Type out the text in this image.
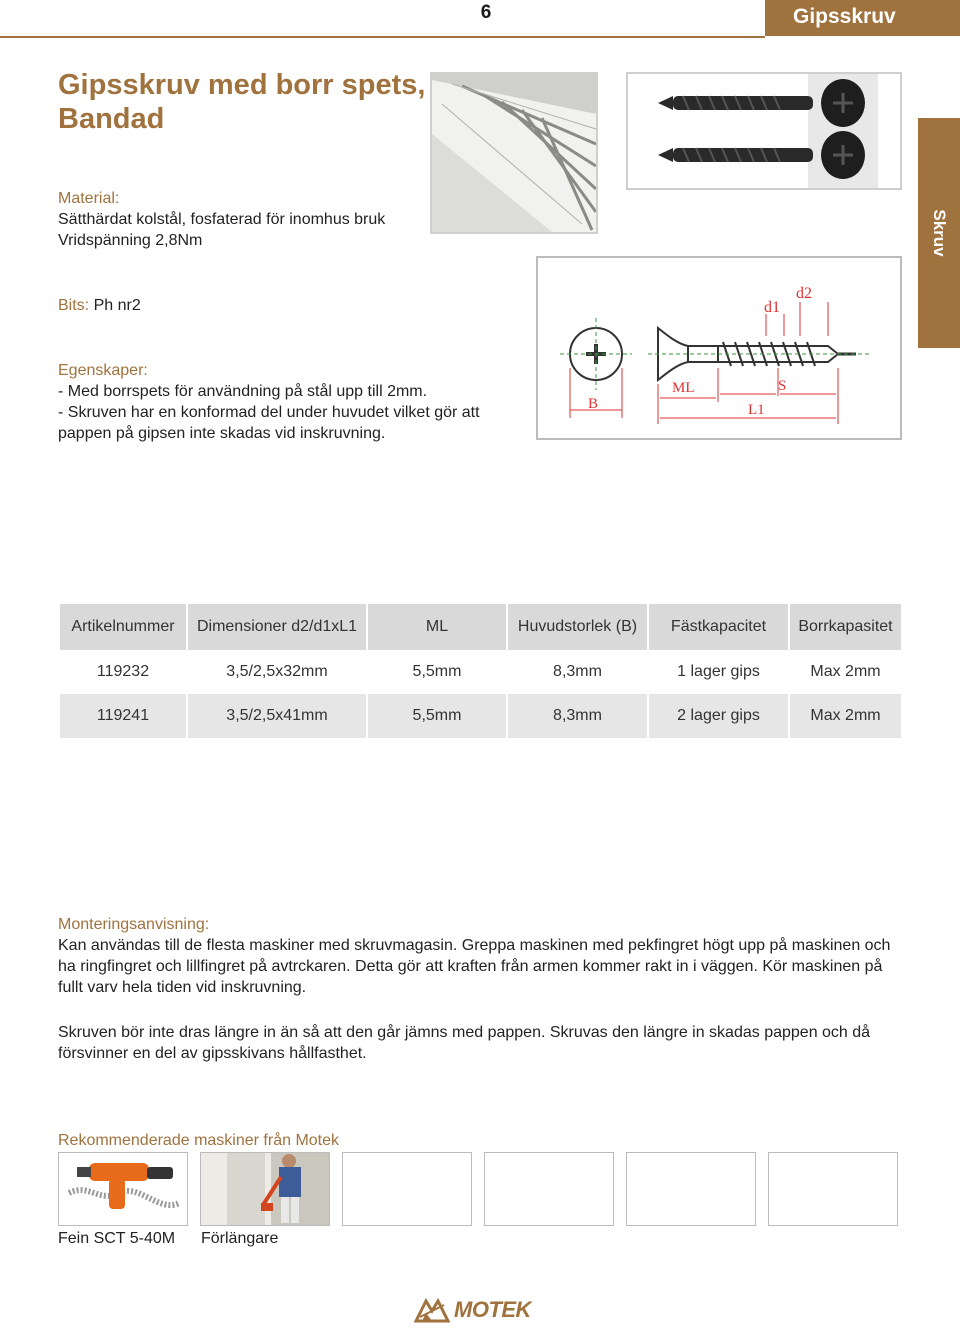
6	Gipsskruv
Skruv
Gipsskruv med borr spets, Bandad
Material:
Sätthärdat kolstål, fosfaterad för inomhus bruk
Vridspänning 2,8Nm
Bits: Ph nr2
Egenskaper:
- Med borrspets för användning på stål upp till 2mm.
- Skruven har en konformad del under huvudet vilket gör att pappen på gipsen inte skadas vid inskruvning.
B
d1
d2
ML	S
L1
Artikelnummer	Dimensioner d2/d1xL1	ML	Huvudstorlek (B)	Fästkapacitet	Borrkapasitet
119232	3,5/2,5x32mm	5,5mm	8,3mm	1 lager gips	Max 2mm
119241	3,5/2,5x41mm	5,5mm	8,3mm	2 lager gips	Max 2mm
Monteringsanvisning:
Kan användas till de flesta maskiner med skruvmagasin. Greppa maskinen med pekfingret högt upp på maskinen och ha ringfingret och lillfingret på avtrckaren. Detta gör att kraften från armen kommer rakt in i väggen. Kör maskinen på fullt varv hela tiden vid inskruvning.
Skruven bör inte dras längre in än så att den går jämns med pappen. Skruvas den längre in skadas pappen och då försvinner en del av gipsskivans hållfasthet.
Rekommenderade maskiner från Motek
Fein SCT 5-40M Förlängare
MOTEK
